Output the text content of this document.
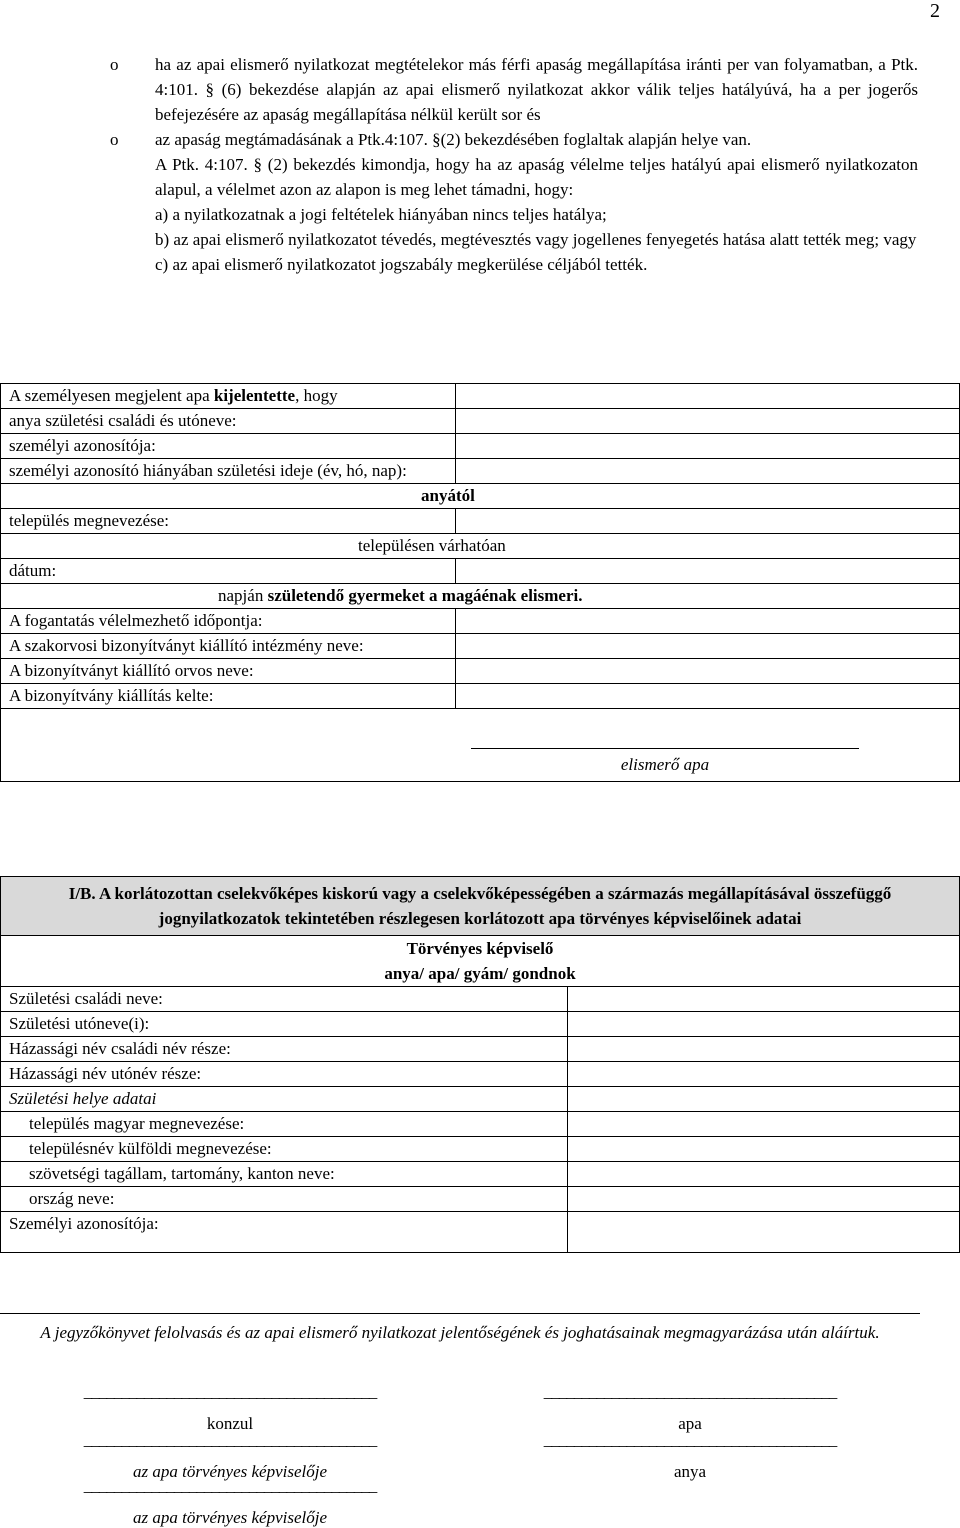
2
o ha az apai elismerő nyilatkozat megtételekor más férfi apaság megállapítása iránti per van folyamatban, a Ptk. 4:101. § (6) bekezdése alapján az apai elismerő nyilatkozat akkor válik teljes hatályúvá, ha a per jogerős befejezésére az apaság megállapítása nélkül került sor és
o az apaság megtámadásának a Ptk.4:107. §(2) bekezdésében foglaltak alapján helye van.

A Ptk. 4:107. § (2) bekezdés kimondja, hogy ha az apaság vélelme teljes hatályú apai elismerő nyilatkozaton alapul, a vélelmet azon az alapon is meg lehet támadni, hogy:

a) a nyilatkozatnak a jogi feltételek hiányában nincs teljes hatálya;

b) az apai elismerő nyilatkozatot tévedés, megtévesztés vagy jogellenes fenyegetés hatása alatt tették meg; vagy

c) az apai elismerő nyilatkozatot jogszabály megkerülése céljából tették.

A személyesen megjelent apa kijelentette, hogy	
anya születési családi és utóneve:	
személyi azonosítója:	
személyi azonosító hiányában születési ideje (év, hó, nap):	
anyától	
település megnevezése:	
településen várhatóan	
dátum:	
napján születendő gyermeket a magáénak elismeri.	
A fogantatás vélelmezhető időpontja:	
A szakorvosi bizonyítványt kiállító intézmény neve:	
A bizonyítványt kiállító orvos neve:	
A bizonyítvány kiállítás kelte:	

elismerő apa	
I/B. A korlátozottan cselekvőképes kiskorú vagy a cselekvőképességében a származás megállapításával összefüggő jognyilatkozatok tekintetében részlegesen korlátozott apa törvényes képviselőinek adatai	

Törvényes képviselő
anya/ apa/ gyám/ gondnok	

Születési családi neve:	
Születési utóneve(i):	
Házassági név családi név része:	
Házassági név utónév része:	
Születési helye adatai	
település magyar megnevezése:	
településnév külföldi megnevezése:	
szövetségi tagállam, tartomány, kanton neve:	
ország neve:	
Személyi azonosítója:	
A jegyzőkönyvet felolvasás és az apai elismerő nyilatkozat jelentőségének és joghatásainak megmagyarázása után aláírtuk.
_______________________________________
konzul
_______________________________________
apa
_______________________________________
az apa törvényes képviselője
_______________________________________
anya
_______________________________________
az apa törvényes képviselője
